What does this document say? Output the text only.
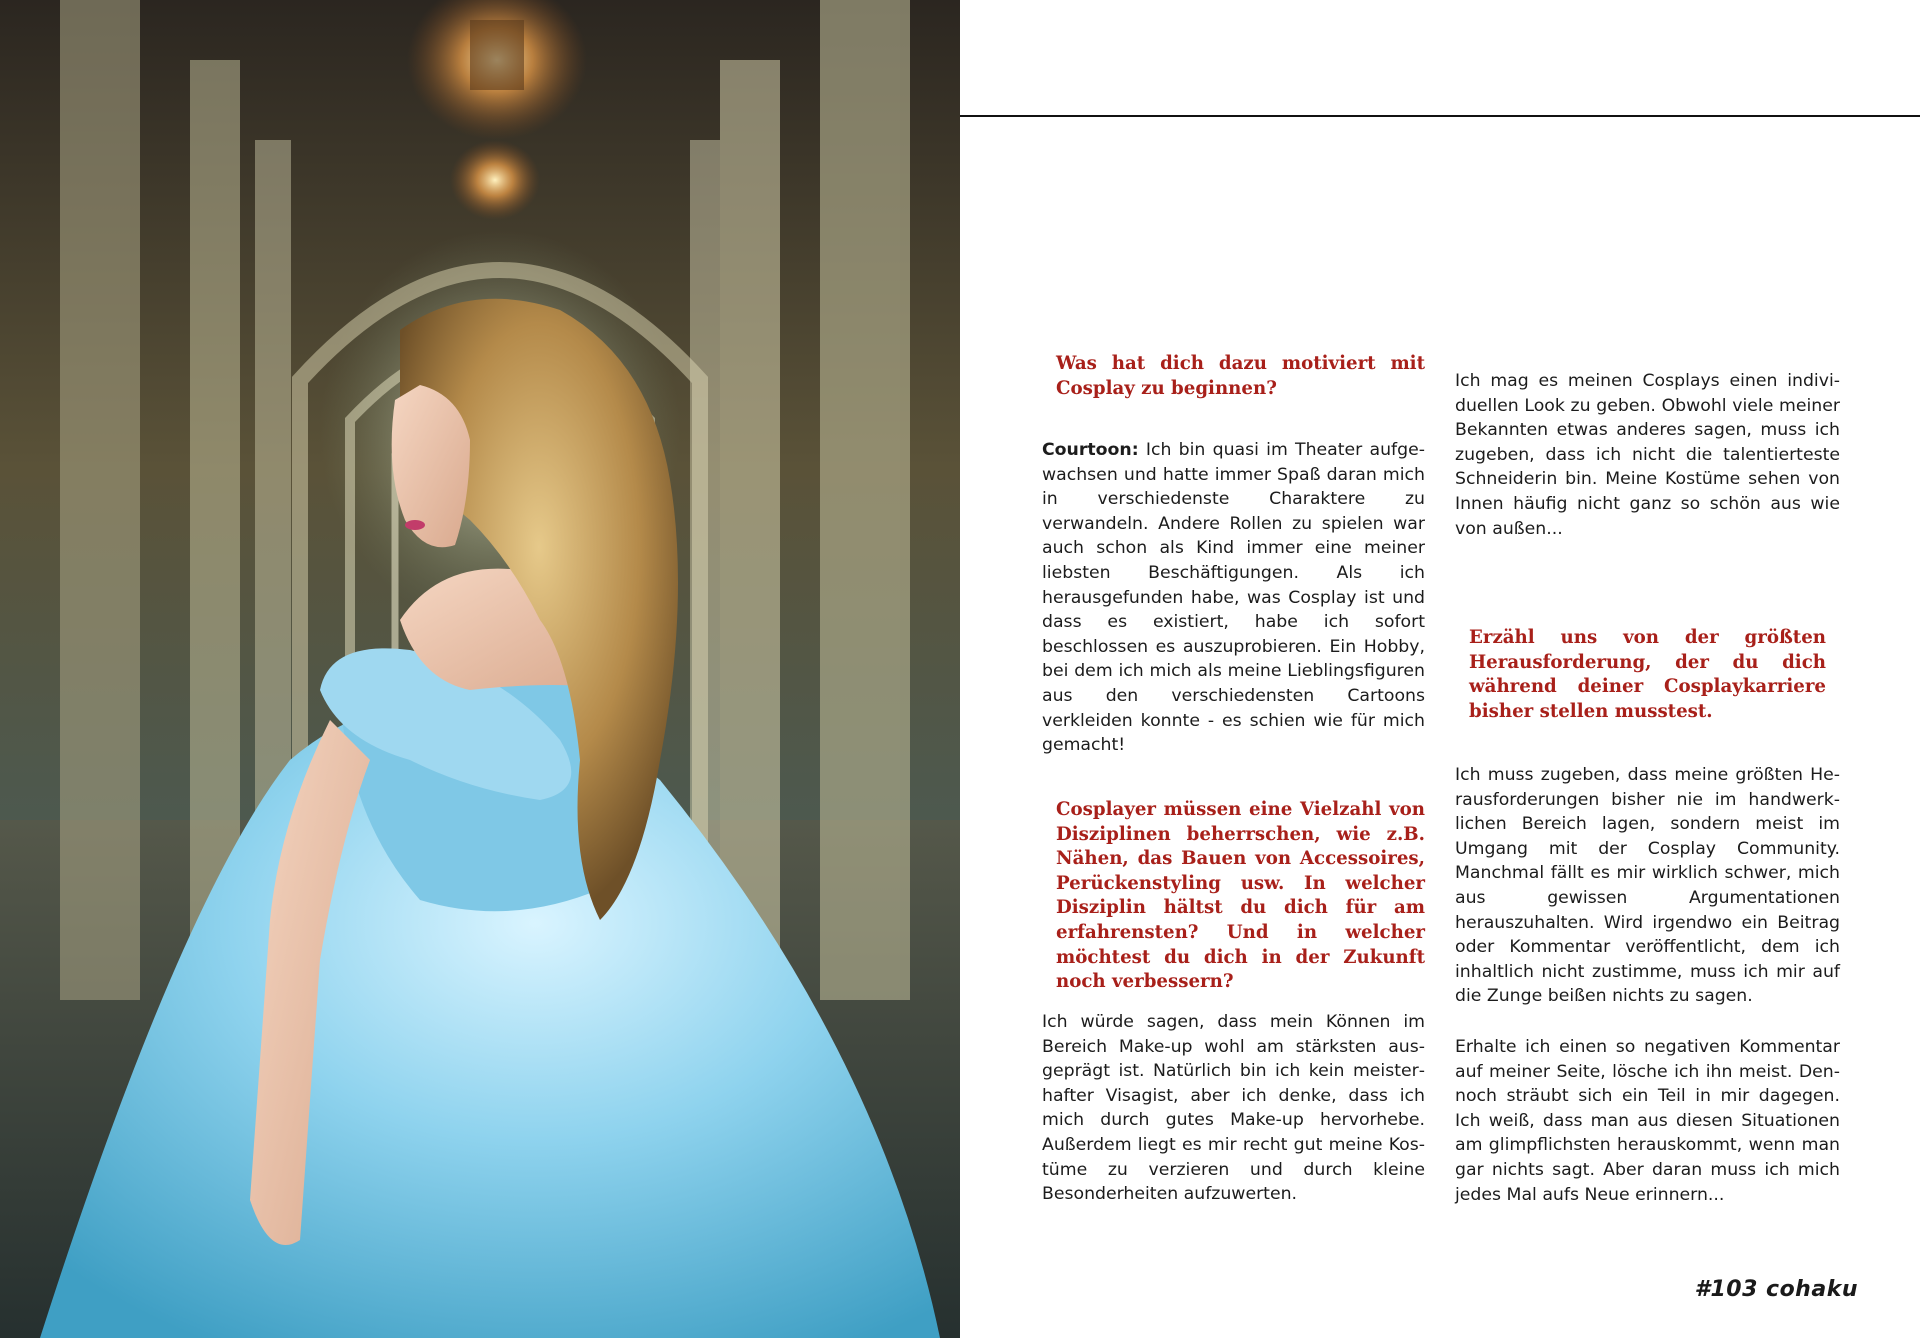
Was hat dich dazu motiviert mit Cosplay zu beginnen?

Courtoon: Ich bin quasi im Theater aufgewachsen und hatte immer Spaß daran mich in verschiedenste Charaktere zu verwandeln. Andere Rollen zu spielen war auch schon als Kind immer eine meiner liebsten Beschäftigungen. Als ich herausgefunden habe, was Cosplay ist und dass es existiert, habe ich sofort beschlossen es auszuprobieren. Ein Hobby, bei dem ich mich als meine Lieblingsfiguren aus den verschiedensten Cartoons verkleiden konnte - es schien wie für mich gemacht!

Cosplayer müssen eine Vielzahl von Disziplinen beherrschen, wie z.B. Nähen, das Bauen von Accessoires, Perückenstyling usw. In welcher Disziplin hältst du dich für am erfahrensten? Und in welcher möchtest du dich in der Zukunft noch verbessern?

Ich würde sagen, dass mein Können im Bereich Make-up wohl am stärksten ausgeprägt ist. Natürlich bin ich kein meisterhafter Visagist, aber ich denke, dass ich mich durch gutes Make-up hervorhebe. Außerdem liegt es mir recht gut meine Kostüme zu verzieren und durch kleine Besonderheiten aufzuwerten.

Ich mag es meinen Cosplays einen individuellen Look zu geben. Obwohl viele meiner Bekannten etwas anderes sagen, muss ich zugeben, dass ich nicht die talentierteste Schneiderin bin. Meine Kostüme sehen von Innen häufig nicht ganz so schön aus wie von außen...

Erzähl uns von der größten Herausforderung, der du dich während deiner Cosplaykarriere bisher stellen musstest.

Ich muss zugeben, dass meine größten Herausforderungen bisher nie im handwerklichen Bereich lagen, sondern meist im Umgang mit der Cosplay Community. Manchmal fällt es mir wirklich schwer, mich aus gewissen Argumentationen herauszuhalten. Wird irgendwo ein Beitrag oder Kommentar veröffentlicht, dem ich inhaltlich nicht zustimme, muss ich mir auf die Zunge beißen nichts zu sagen.

Erhalte ich einen so negativen Kommentar auf meiner Seite, lösche ich ihn meist. Dennoch sträubt sich ein Teil in mir dagegen. Ich weiß, dass man aus diesen Situationen am glimpflichsten herauskommt, wenn man gar nichts sagt. Aber daran muss ich mich jedes Mal aufs Neue erinnern...

#103 cohaku
